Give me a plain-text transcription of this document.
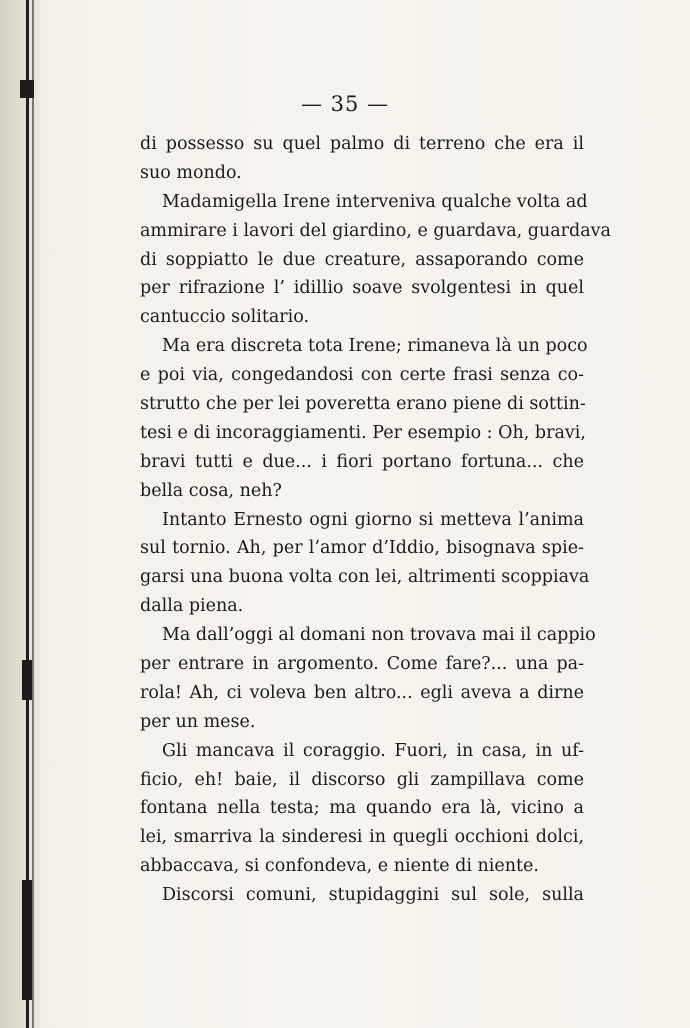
— 35 —
di possesso su quel palmo di terreno che era il
suo mondo.
Madamigella Irene interveniva qualche volta ad
ammirare i lavori del giardino, e guardava, guardava
di soppiatto le due creature, assaporando come
per rifrazione l’ idillio soave svolgentesi in quel
cantuccio solitario.
Ma era discreta tota Irene; rimaneva là un poco
e poi via, congedandosi con certe frasi senza co-
strutto che per lei poveretta erano piene di sottin-
tesi e di incoraggiamenti. Per esempio : Oh, bravi,
bravi tutti e due... i fiori portano fortuna... che
bella cosa, neh?
Intanto Ernesto ogni giorno si metteva l’anima
sul tornio. Ah, per l’amor d’Iddio, bisognava spie-
garsi una buona volta con lei, altrimenti scoppiava
dalla piena.
Ma dall’oggi al domani non trovava mai il cappio
per entrare in argomento. Come fare?... una pa-
rola! Ah, ci voleva ben altro... egli aveva a dirne
per un mese.
Gli mancava il coraggio. Fuori, in casa, in uf-
ficio, eh! baie, il discorso gli zampillava come
fontana nella testa; ma quando era là, vicino a
lei, smarriva la sinderesi in quegli occhioni dolci,
abbaccava, si confondeva, e niente di niente.
Discorsi comuni, stupidaggini sul sole, sulla
